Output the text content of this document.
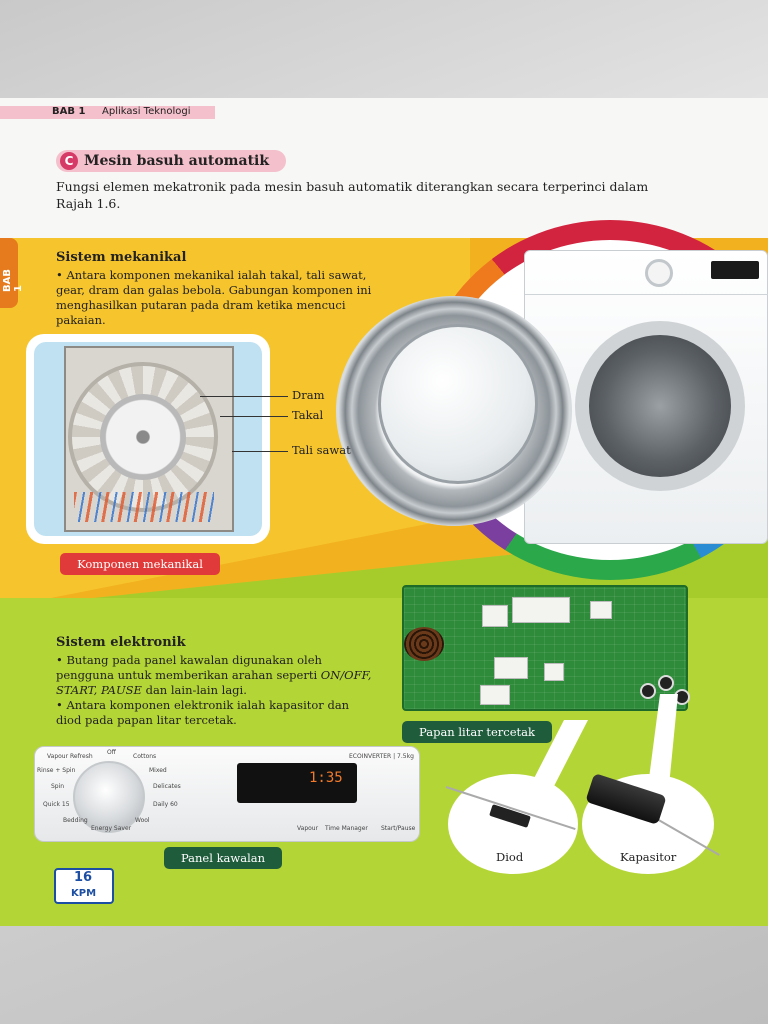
BAB 1 Aplikasi Teknologi
BAB 1
C Mesin basuh automatik
Fungsi elemen mekatronik pada mesin basuh automatik diterangkan secara terperinci dalam Rajah 1.6.
Sistem mekanikal
• Antara komponen mekanikal ialah takal, tali sawat, gear, dram dan galas bebola. Gabungan komponen ini menghasilkan putaran pada dram ketika mencuci pakaian.
Dram
Takal
Tali sawat
Komponen mekanikal
Sistem elektronik
• Butang pada panel kawalan digunakan oleh pengguna untuk memberikan arahan seperti ON/OFF, START, PAUSE dan lain-lain lagi.
• Antara komponen elektronik ialah kapasitor dan diod pada papan litar tercetak.
Papan litar tercetak
Vapour Refresh
Off
Cottons
Rinse + Spin	Mixed
Spin	Delicates
Quick 15	Daily 60
Bedding
Energy Saver
Wool
1:35
ECOINVERTER | 7.5kg
Vapour Time Manager Start/Pause
Panel kawalan	Diod	Kapasitor
16
KPM
